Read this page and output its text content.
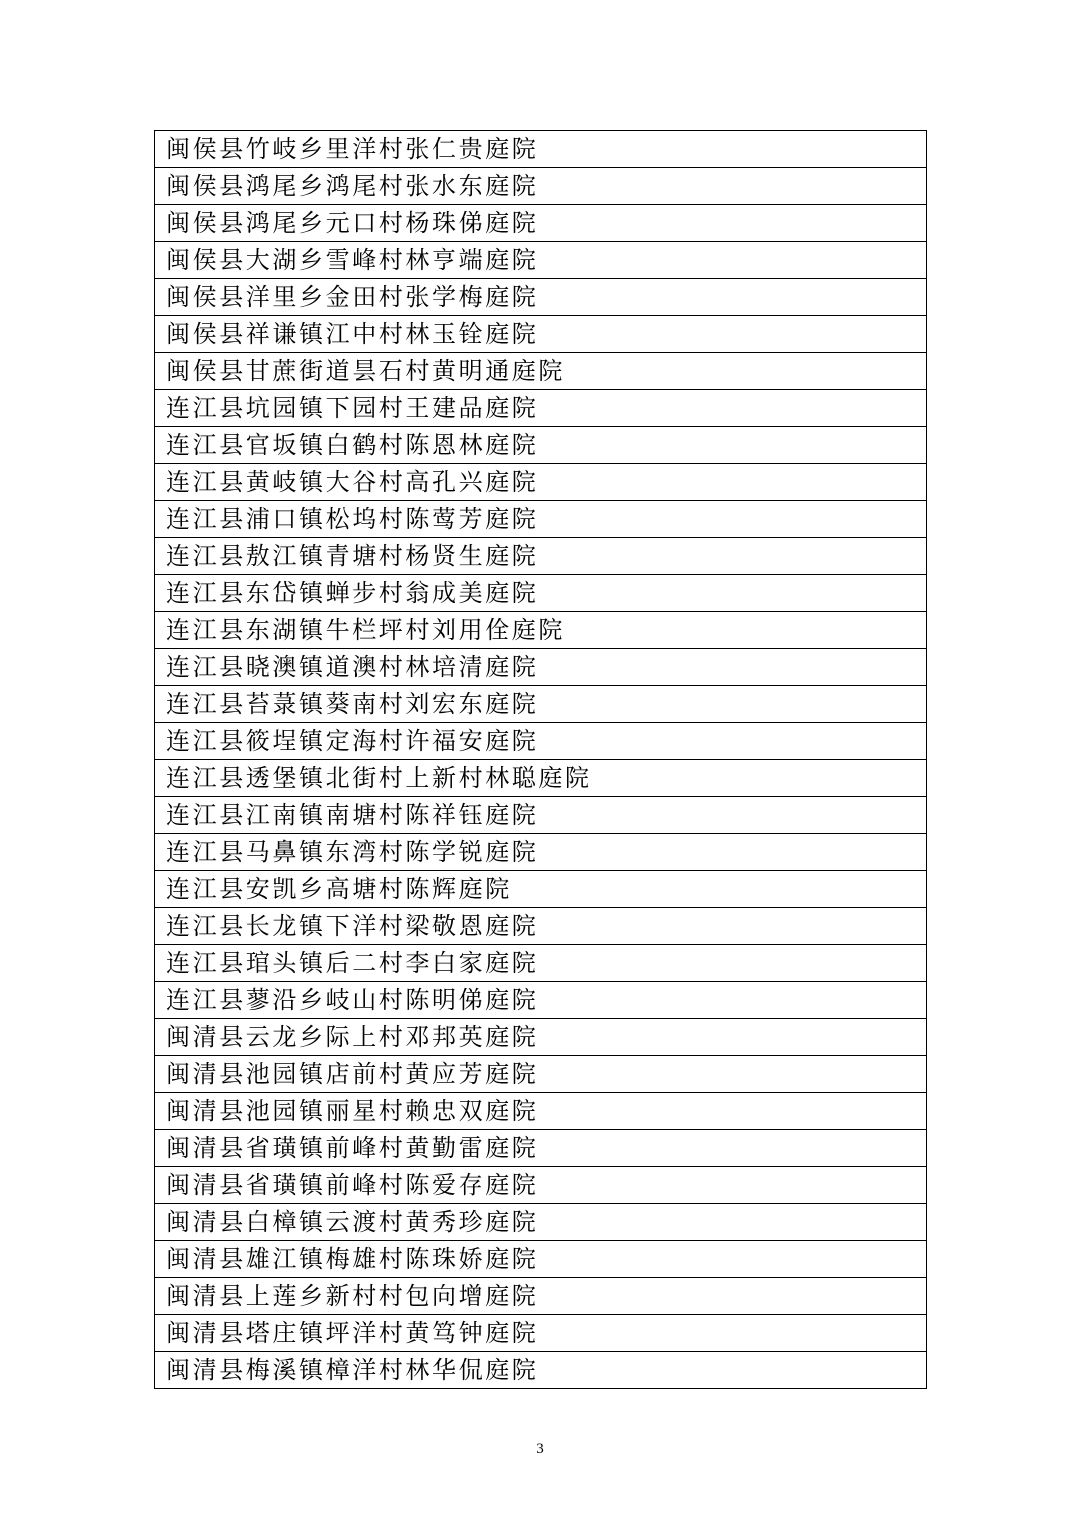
闽侯县竹岐乡里洋村张仁贵庭院
闽侯县鸿尾乡鸿尾村张水东庭院
闽侯县鸿尾乡元口村杨珠俤庭院
闽侯县大湖乡雪峰村林亨端庭院
闽侯县洋里乡金田村张学梅庭院
闽侯县祥谦镇江中村林玉铨庭院
闽侯县甘蔗街道昙石村黄明通庭院
连江县坑园镇下园村王建品庭院
连江县官坂镇白鹤村陈恩林庭院
连江县黄岐镇大谷村高孔兴庭院
连江县浦口镇松坞村陈莺芳庭院
连江县敖江镇青塘村杨贤生庭院
连江县东岱镇蝉步村翁成美庭院
连江县东湖镇牛栏坪村刘用佺庭院
连江县晓澳镇道澳村林培清庭院
连江县苔菉镇葵南村刘宏东庭院
连江县筱埕镇定海村许福安庭院
连江县透堡镇北街村上新村林聪庭院
连江县江南镇南塘村陈祥钰庭院
连江县马鼻镇东湾村陈学锐庭院
连江县安凯乡高塘村陈辉庭院
连江县长龙镇下洋村梁敬恩庭院
连江县琯头镇后二村李白家庭院
连江县蓼沿乡岐山村陈明俤庭院
闽清县云龙乡际上村邓邦英庭院
闽清县池园镇店前村黄应芳庭院
闽清县池园镇丽星村赖忠双庭院
闽清县省璜镇前峰村黄勤雷庭院
闽清县省璜镇前峰村陈爱存庭院
闽清县白樟镇云渡村黄秀珍庭院
闽清县雄江镇梅雄村陈珠娇庭院
闽清县上莲乡新村村包向增庭院
闽清县塔庄镇坪洋村黄笃钟庭院
闽清县梅溪镇樟洋村林华侃庭院
3
